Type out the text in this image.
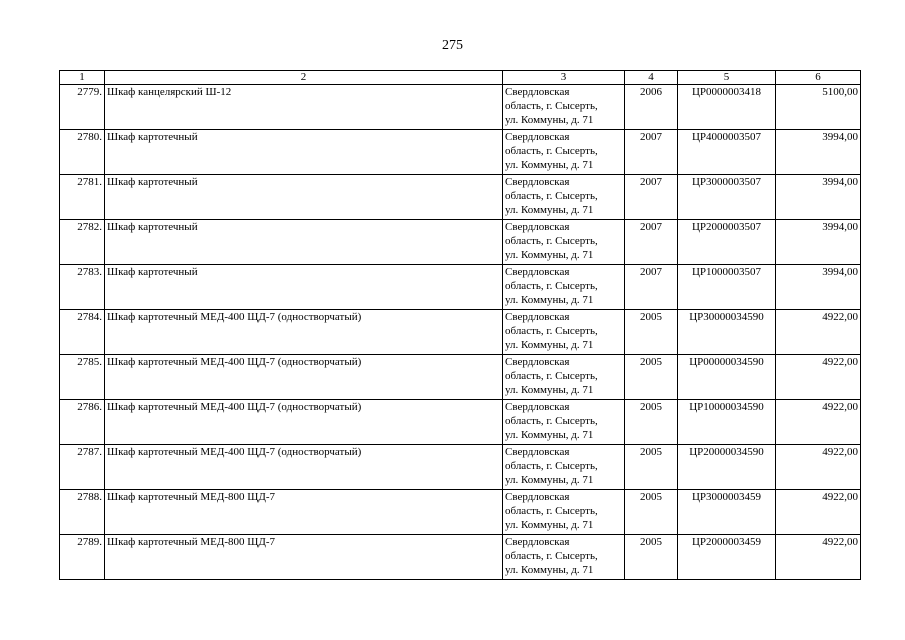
275
1	2	3	4	5	6
2779.	Шкаф канцелярский Ш-12	Свердловская
область, г. Сысерть,
ул. Коммуны, д. 71	2006	ЦР0000003418	5100,00
2780.	Шкаф картотечный	Свердловская
область, г. Сысерть,
ул. Коммуны, д. 71	2007	ЦР4000003507	3994,00
2781.	Шкаф картотечный	Свердловская
область, г. Сысерть,
ул. Коммуны, д. 71	2007	ЦР3000003507	3994,00
2782.	Шкаф картотечный	Свердловская
область, г. Сысерть,
ул. Коммуны, д. 71	2007	ЦР2000003507	3994,00
2783.	Шкаф картотечный	Свердловская
область, г. Сысерть,
ул. Коммуны, д. 71	2007	ЦР1000003507	3994,00
2784.	Шкаф картотечный МЕД-400 ЩД-7 (одностворчатый)	Свердловская
область, г. Сысерть,
ул. Коммуны, д. 71	2005	ЦР30000034590	4922,00
2785.	Шкаф картотечный МЕД-400 ЩД-7 (одностворчатый)	Свердловская
область, г. Сысерть,
ул. Коммуны, д. 71	2005	ЦР00000034590	4922,00
2786.	Шкаф картотечный МЕД-400 ЩД-7 (одностворчатый)	Свердловская
область, г. Сысерть,
ул. Коммуны, д. 71	2005	ЦР10000034590	4922,00
2787.	Шкаф картотечный МЕД-400 ЩД-7 (одностворчатый)	Свердловская
область, г. Сысерть,
ул. Коммуны, д. 71	2005	ЦР20000034590	4922,00
2788.	Шкаф картотечный МЕД-800 ЩД-7	Свердловская
область, г. Сысерть,
ул. Коммуны, д. 71	2005	ЦР3000003459	4922,00
2789.	Шкаф картотечный МЕД-800 ЩД-7	Свердловская
область, г. Сысерть,
ул. Коммуны, д. 71	2005	ЦР2000003459	4922,00
